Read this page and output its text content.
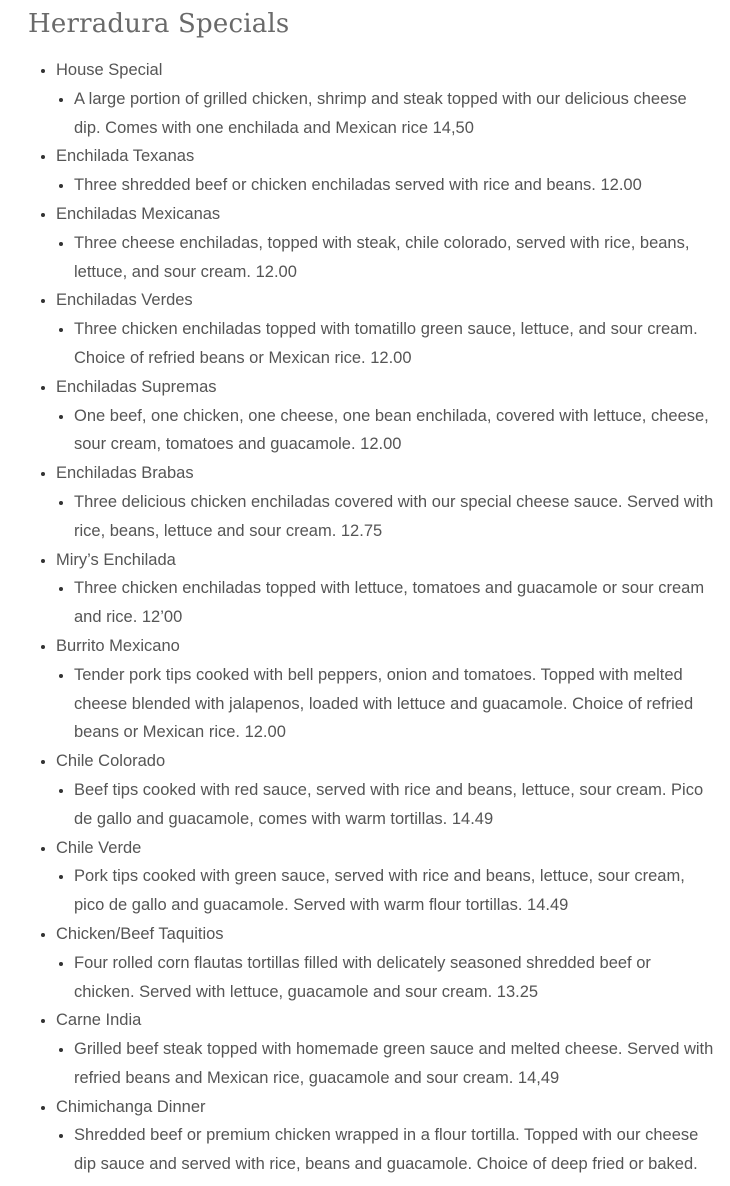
Herradura Specials
• House Special
• A large portion of grilled chicken, shrimp and steak topped with our delicious cheese dip. Comes with one enchilada and Mexican rice 14,50
• Enchilada Texanas
• Three shredded beef or chicken enchiladas served with rice and beans. 12.00
• Enchiladas Mexicanas
• Three cheese enchiladas, topped with steak, chile colorado, served with rice, beans, lettuce, and sour cream. 12.00
• Enchiladas Verdes
• Three chicken enchiladas topped with tomatillo green sauce, lettuce, and sour cream. Choice of refried beans or Mexican rice. 12.00
• Enchiladas Supremas
• One beef, one chicken, one cheese, one bean enchilada, covered with lettuce, cheese, sour cream, tomatoes and guacamole. 12.00
• Enchiladas Brabas
• Three delicious chicken enchiladas covered with our special cheese sauce. Served with rice, beans, lettuce and sour cream. 12.75
• Miry’s Enchilada
• Three chicken enchiladas topped with lettuce, tomatoes and guacamole or sour cream and rice. 12’00
• Burrito Mexicano
• Tender pork tips cooked with bell peppers, onion and tomatoes. Topped with melted cheese blended with jalapenos, loaded with lettuce and guacamole. Choice of refried beans or Mexican rice. 12.00
• Chile Colorado
• Beef tips cooked with red sauce, served with rice and beans, lettuce, sour cream. Pico de gallo and guacamole, comes with warm tortillas. 14.49
• Chile Verde
• Pork tips cooked with green sauce, served with rice and beans, lettuce, sour cream, pico de gallo and guacamole. Served with warm flour tortillas. 14.49
• Chicken/Beef Taquitios
• Four rolled corn flautas tortillas filled with delicately seasoned shredded beef or chicken. Served with lettuce, guacamole and sour cream. 13.25
• Carne India
• Grilled beef steak topped with homemade green sauce and melted cheese. Served with refried beans and Mexican rice, guacamole and sour cream. 14,49
• Chimichanga Dinner
• Shredded beef or premium chicken wrapped in a flour tortilla. Topped with our cheese dip sauce and served with rice, beans and guacamole. Choice of deep fried or baked.
